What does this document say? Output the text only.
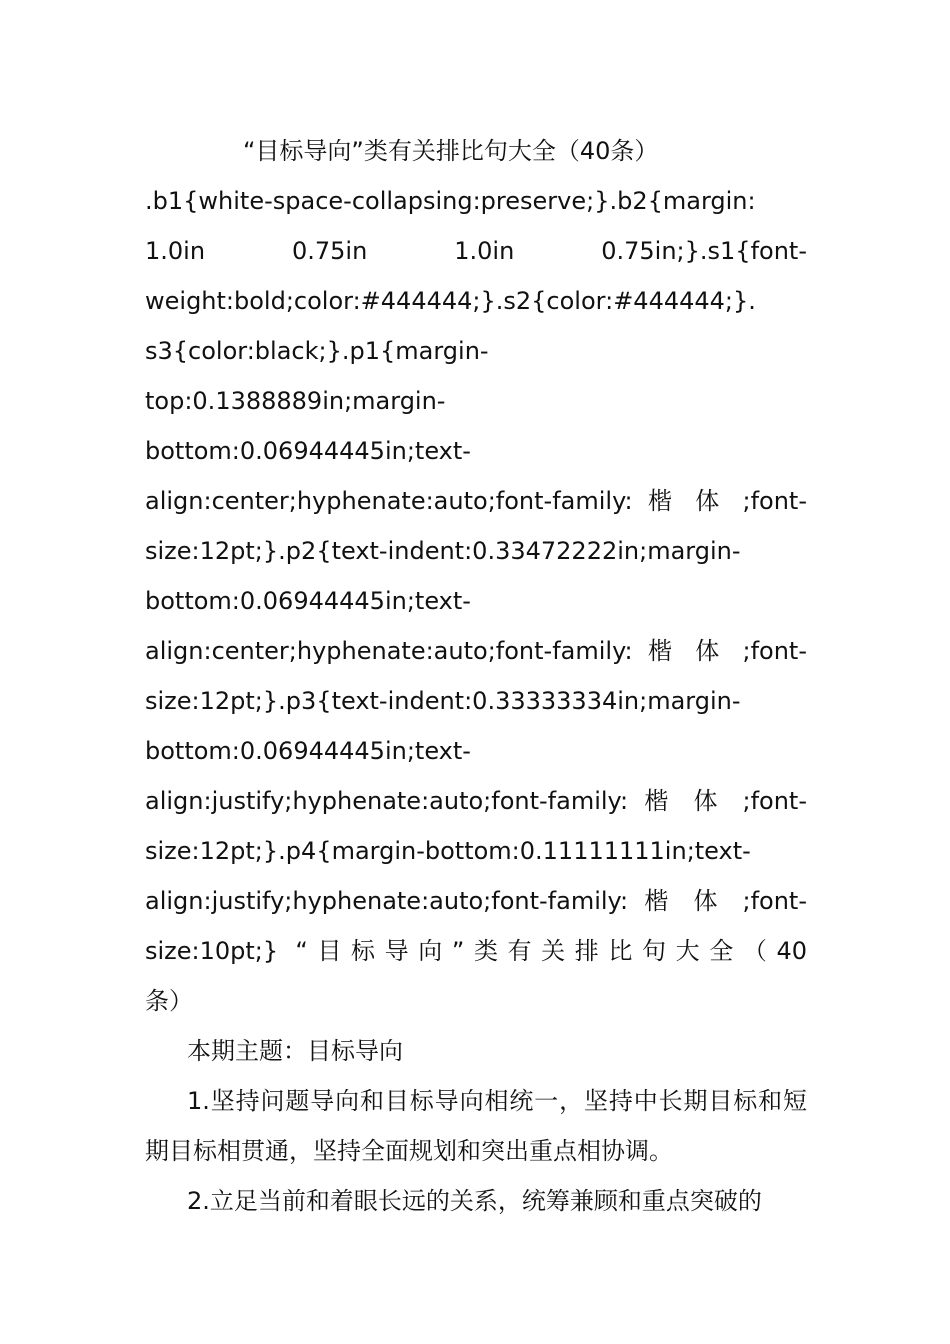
“目标导向”类有关排比句大全（40条）
.b1{white-space-collapsing:preserve;}.b2{margin:
1.0in 0.75in 1.0in 0.75in;}.s1{font-
weight:bold;color:#444444;}.s2{color:#444444;}.
s3{color:black;}.p1{margin-
top:0.1388889in;margin-
bottom:0.06944445in;text-
align:center;hyphenate:auto;font-family: 楷 体 ;font-
size:12pt;}.p2{text-indent:0.33472222in;margin-
bottom:0.06944445in;text-
align:center;hyphenate:auto;font-family: 楷 体 ;font-
size:12pt;}.p3{text-indent:0.33333334in;margin-
bottom:0.06944445in;text-
align:justify;hyphenate:auto;font-family: 楷 体 ;font-
size:12pt;}.p4{margin-bottom:0.11111111in;text-
align:justify;hyphenate:auto;font-family: 楷 体 ;font-
size:10pt;} “目标导向”类有关排比句大全（40
条）

本期主题：目标导向

1.坚持问题导向和目标导向相统一，坚持中长期目标和短期目标相贯通，坚持全面规划和突出重点相协调。

2.立足当前和着眼长远的关系，统筹兼顾和重点突破的
